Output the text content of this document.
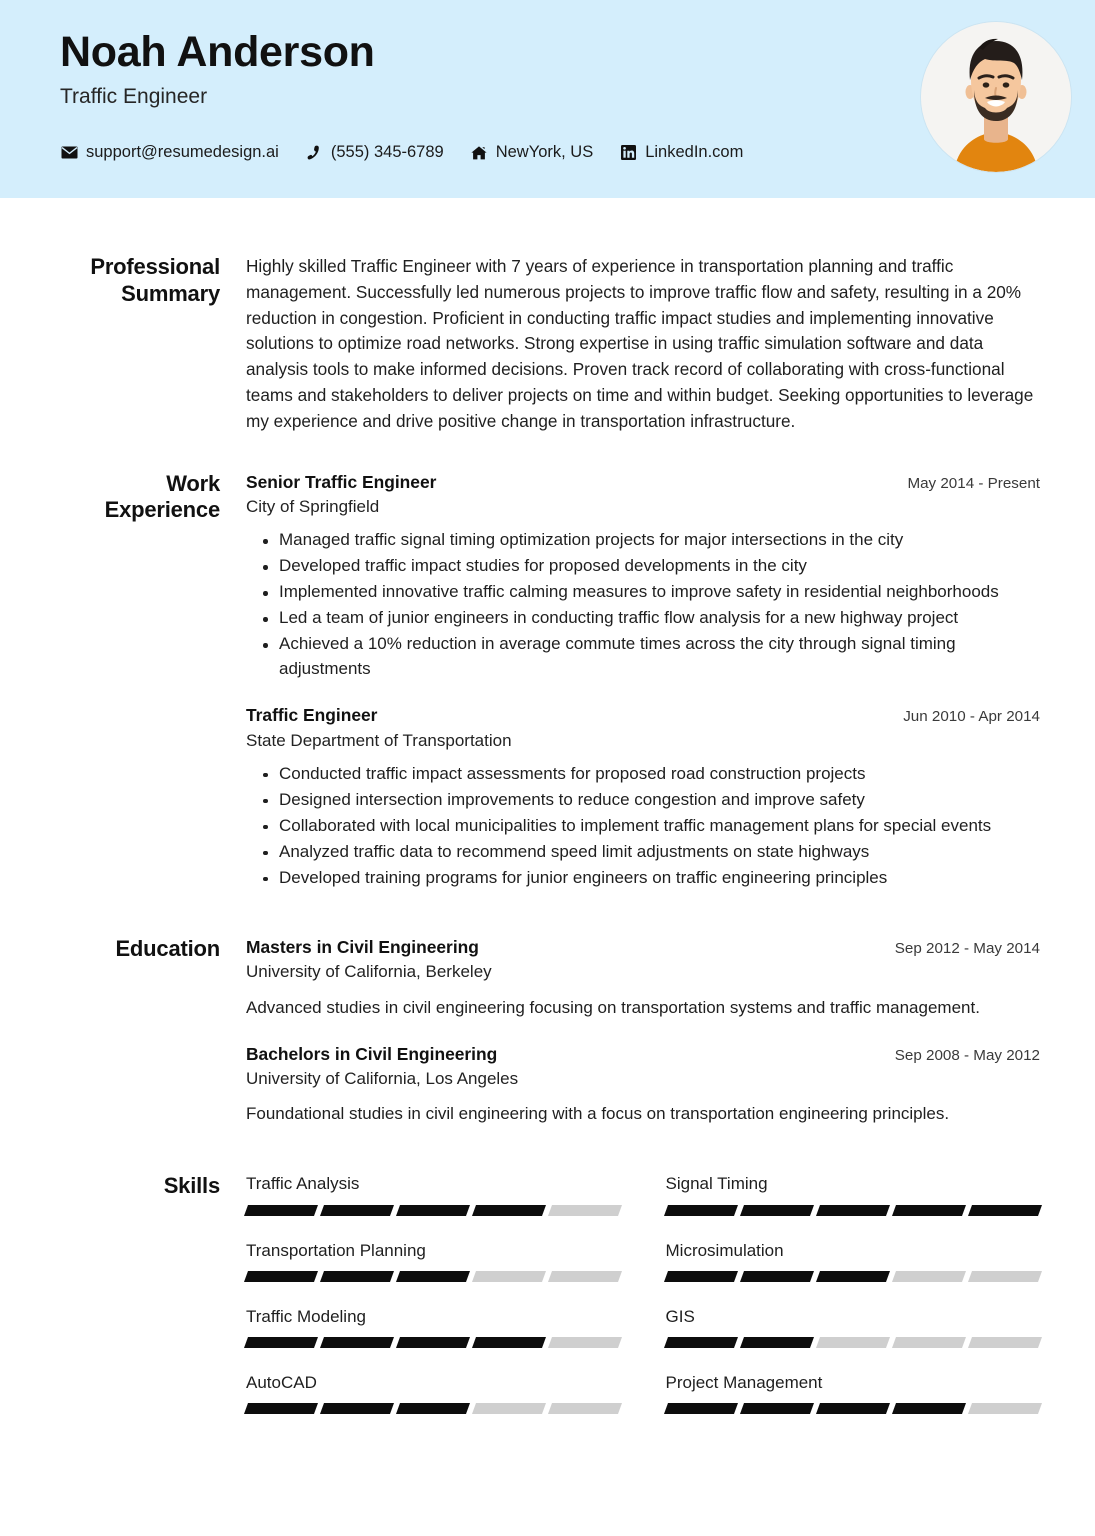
Noah Anderson
Traffic Engineer
support@resumedesign.ai	(555) 345-6789	NewYork, US	LinkedIn.com
Professional Summary

Highly skilled Traffic Engineer with 7 years of experience in transportation planning and traffic management. Successfully led numerous projects to improve traffic flow and safety, resulting in a 20% reduction in congestion. Proficient in conducting traffic impact studies and implementing innovative solutions to optimize road networks. Strong expertise in using traffic simulation software and data analysis tools to make informed decisions. Proven track record of collaborating with cross-functional teams and stakeholders to deliver projects on time and within budget. Seeking opportunities to leverage my experience and drive positive change in transportation infrastructure.

Work Experience
Senior Traffic Engineer	May 2014 - Present
City of Springfield
Managed traffic signal timing optimization projects for major intersections in the city
Developed traffic impact studies for proposed developments in the city
Implemented innovative traffic calming measures to improve safety in residential neighborhoods
Led a team of junior engineers in conducting traffic flow analysis for a new highway project
Achieved a 10% reduction in average commute times across the city through signal timing adjustments
Traffic Engineer	Jun 2010 - Apr 2014
State Department of Transportation
Conducted traffic impact assessments for proposed road construction projects
Designed intersection improvements to reduce congestion and improve safety
Collaborated with local municipalities to implement traffic management plans for special events
Analyzed traffic data to recommend speed limit adjustments on state highways
Developed training programs for junior engineers on traffic engineering principles
Education	Masters in Civil Engineering	Sep 2012 - May 2014
University of California, Berkeley
Advanced studies in civil engineering focusing on transportation systems and traffic management.
Bachelors in Civil Engineering	Sep 2008 - May 2012
University of California, Los Angeles
Foundational studies in civil engineering with a focus on transportation engineering principles.
Skills	Traffic Analysis	Signal Timing
Transportation Planning	Microsimulation
Traffic Modeling	GIS
AutoCAD	Project Management
